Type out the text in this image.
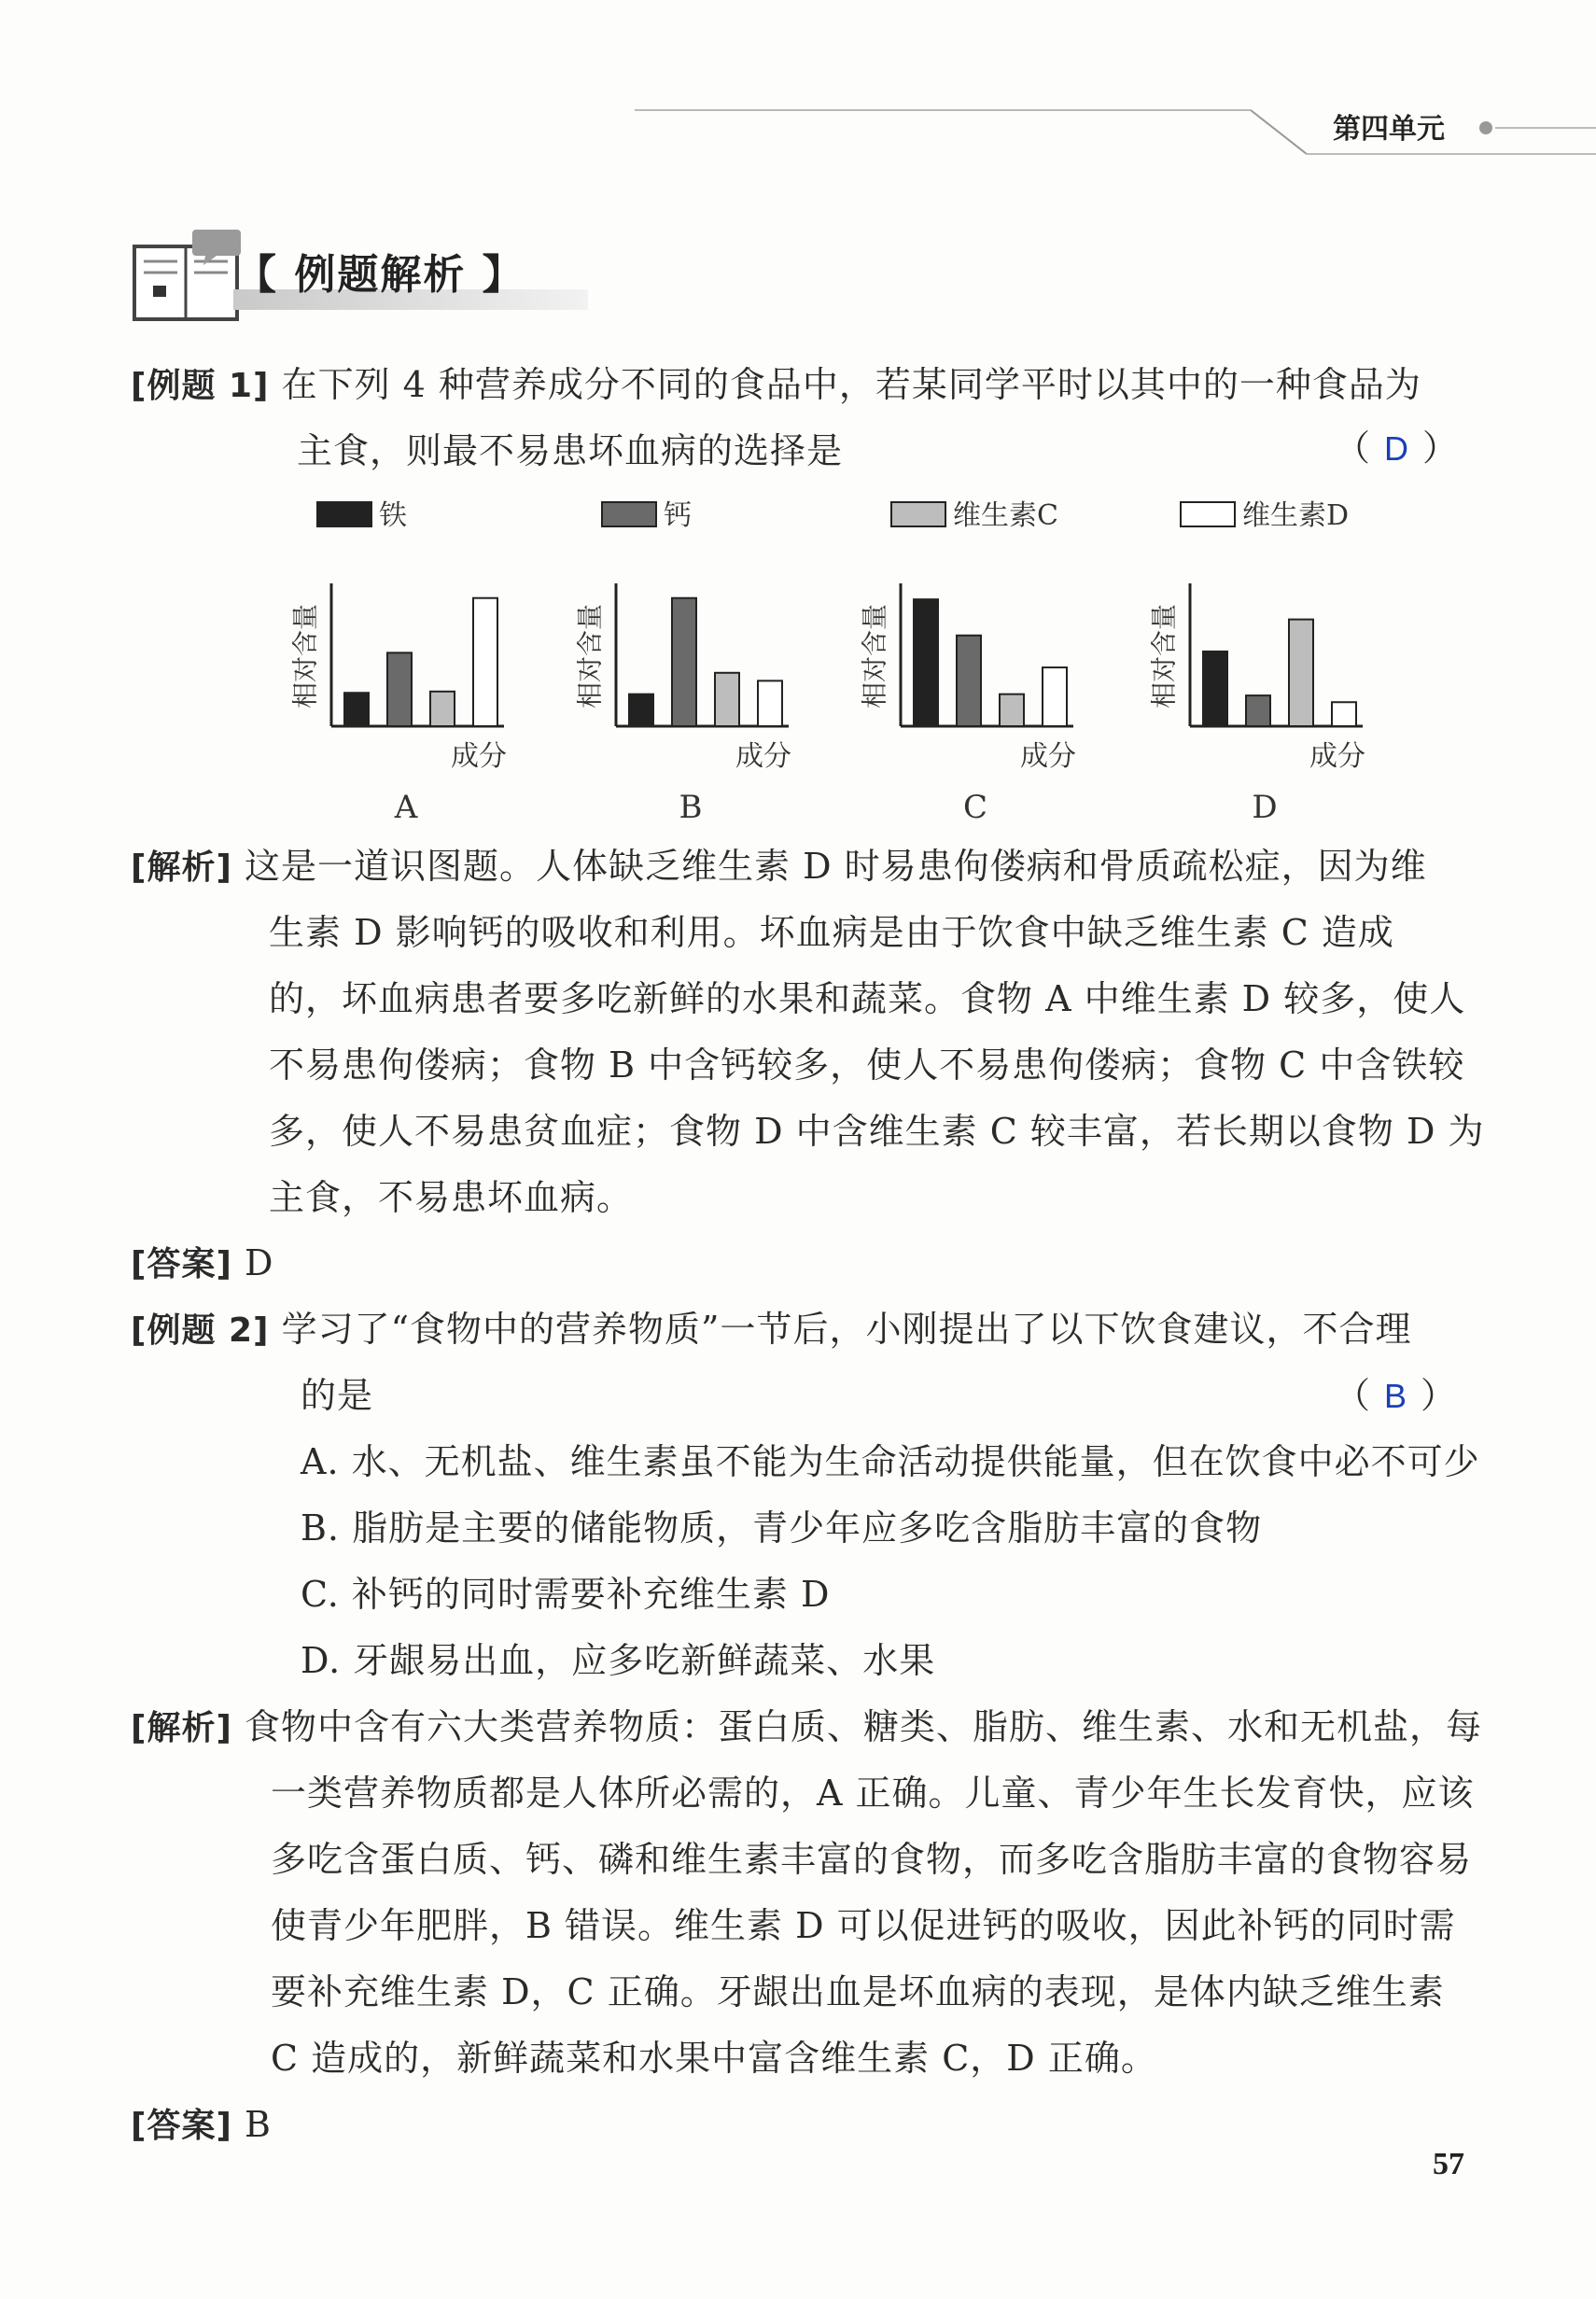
第四单元
【 例题解析 】
[例题 1] 在下列 4 种营养成分不同的食品中，若某同学平时以其中的一种食品为
主食，则最不易患坏血病的选择是	（ D ）
铁	钙	维生素C	维生素D
相对含量
成分
A
相对含量
成分
B
相对含量
成分
C
相对含量
成分
D
[解析] 这是一道识图题。人体缺乏维生素 D 时易患佝偻病和骨质疏松症，因为维
生素 D 影响钙的吸收和利用。坏血病是由于饮食中缺乏维生素 C 造成
的，坏血病患者要多吃新鲜的水果和蔬菜。食物 A 中维生素 D 较多，使人
不易患佝偻病；食物 B 中含钙较多，使人不易患佝偻病；食物 C 中含铁较
多，使人不易患贫血症；食物 D 中含维生素 C 较丰富，若长期以食物 D 为
主食，不易患坏血病。
[答案] D
[例题 2] 学习了“食物中的营养物质”一节后，小刚提出了以下饮食建议，不合理
的是	（ B ）
A. 水、无机盐、维生素虽不能为生命活动提供能量，但在饮食中必不可少
B. 脂肪是主要的储能物质，青少年应多吃含脂肪丰富的食物
C. 补钙的同时需要补充维生素 D
D. 牙龈易出血，应多吃新鲜蔬菜、水果
[解析] 食物中含有六大类营养物质：蛋白质、糖类、脂肪、维生素、水和无机盐，每
一类营养物质都是人体所必需的，A 正确。儿童、青少年生长发育快，应该
多吃含蛋白质、钙、磷和维生素丰富的食物，而多吃含脂肪丰富的食物容易
使青少年肥胖，B 错误。维生素 D 可以促进钙的吸收，因此补钙的同时需
要补充维生素 D，C 正确。牙龈出血是坏血病的表现，是体内缺乏维生素
C 造成的，新鲜蔬菜和水果中富含维生素 C，D 正确。
[答案] B
57
